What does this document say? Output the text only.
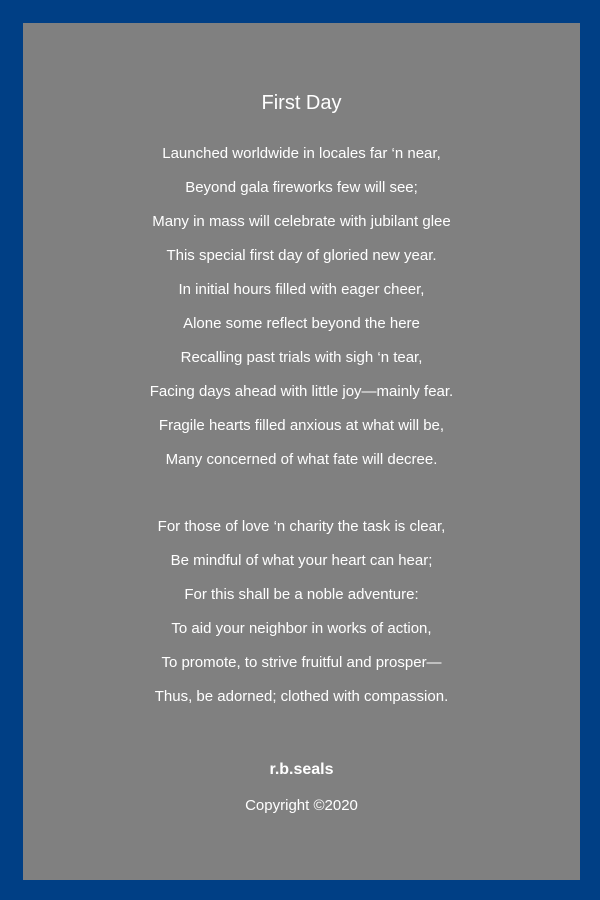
First Day
Launched worldwide in locales far ‘n near,
Beyond gala fireworks few will see;
Many in mass will celebrate with jubilant glee
This special first day of gloried new year.
In initial hours filled with eager cheer,
Alone some reflect beyond the here
Recalling past trials with sigh ‘n tear,
Facing days ahead with little joy—mainly fear.
Fragile hearts filled anxious at what will be,
Many concerned of what fate will decree.
For those of love ‘n charity the task is clear,
Be mindful of what your heart can hear;
For this shall be a noble adventure:
To aid your neighbor in works of action,
To promote, to strive fruitful and prosper—
Thus, be adorned; clothed with compassion.
r.b.seals
Copyright ©2020
